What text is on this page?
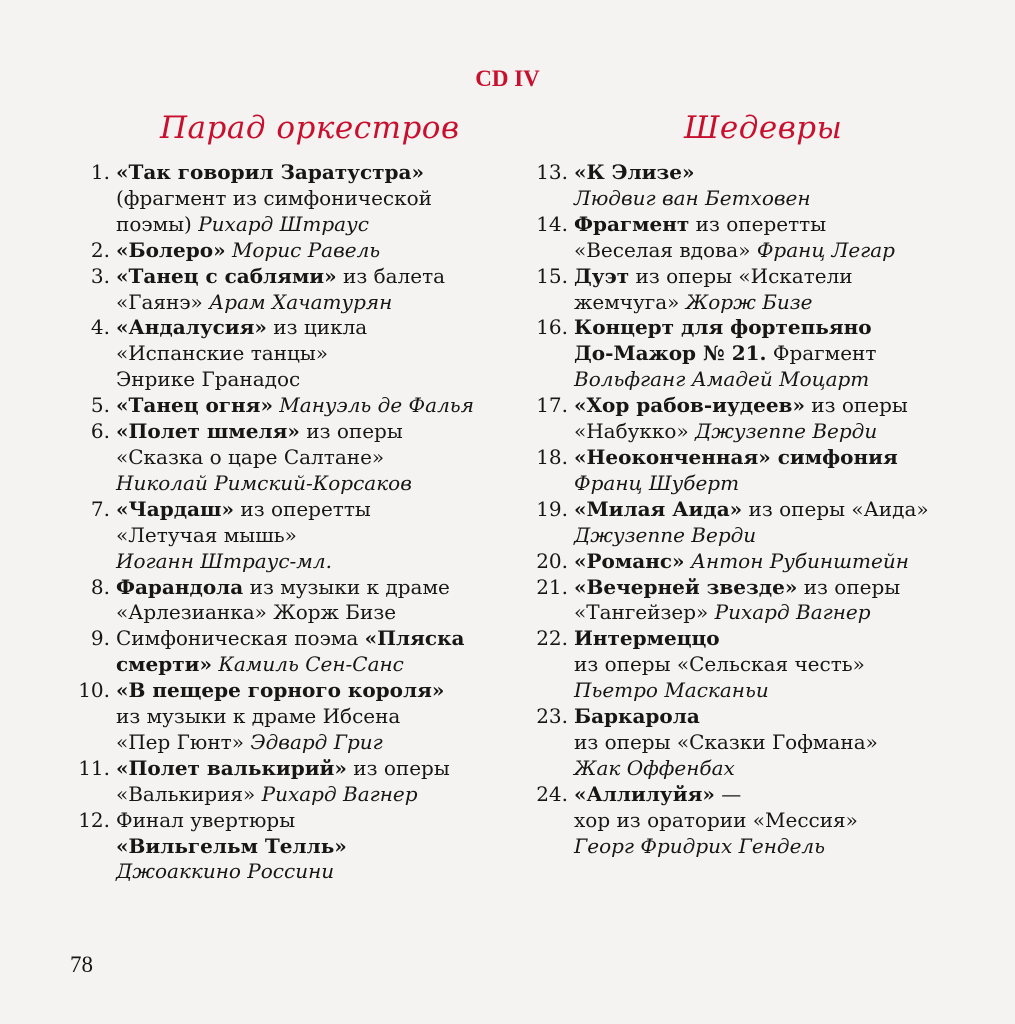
CD IV
Парад оркестров	Шедевры
1. «Так говорил Заратустра»
(фрагмент из симфонической
поэмы) Рихард Штраус
2. «Болеро» Морис Равель
3. «Танец с саблями» из балета
«Гаянэ» Арам Хачатурян
4. «Андалусия» из цикла
«Испанские танцы»
Энрике Гранадос
5. «Танец огня» Мануэль де Фалья
6. «Полет шмеля» из оперы
«Сказка о царе Салтане»
Николай Римский-Корсаков
7. «Чардаш» из оперетты
«Летучая мышь»
Иоганн Штраус-мл.
8. Фарандола из музыки к драме
«Арлезианка» Жорж Бизе
9. Симфоническая поэма «Пляска
смерти» Камиль Сен-Санс
10. «В пещере горного короля»
из музыки к драме Ибсена
«Пер Гюнт» Эдвард Григ
11. «Полет валькирий» из оперы
«Валькирия» Рихард Вагнер
12. Финал увертюры
«Вильгельм Телль»
Джоаккино Россини
13. «К Элизе»
Людвиг ван Бетховен
14. Фрагмент из оперетты
«Веселая вдова» Франц Легар
15. Дуэт из оперы «Искатели
жемчуга» Жорж Бизе
16. Концерт для фортепьяно
До-Мажор № 21. Фрагмент
Вольфганг Амадей Моцарт
17. «Хор рабов-иудеев» из оперы
«Набукко» Джузеппе Верди
18. «Неоконченная» симфония
Франц Шуберт
19. «Милая Аида» из оперы «Аида»
Джузеппе Верди
20. «Романс» Антон Рубинштейн
21. «Вечерней звезде» из оперы
«Тангейзер» Рихард Вагнер
22. Интермеццо
из оперы «Сельская честь»
Пьетро Масканьи
23. Баркарола
из оперы «Сказки Гофмана»
Жак Оффенбах
24. «Аллилуйя» —
хор из оратории «Мессия»
Георг Фридрих Гендель
78
